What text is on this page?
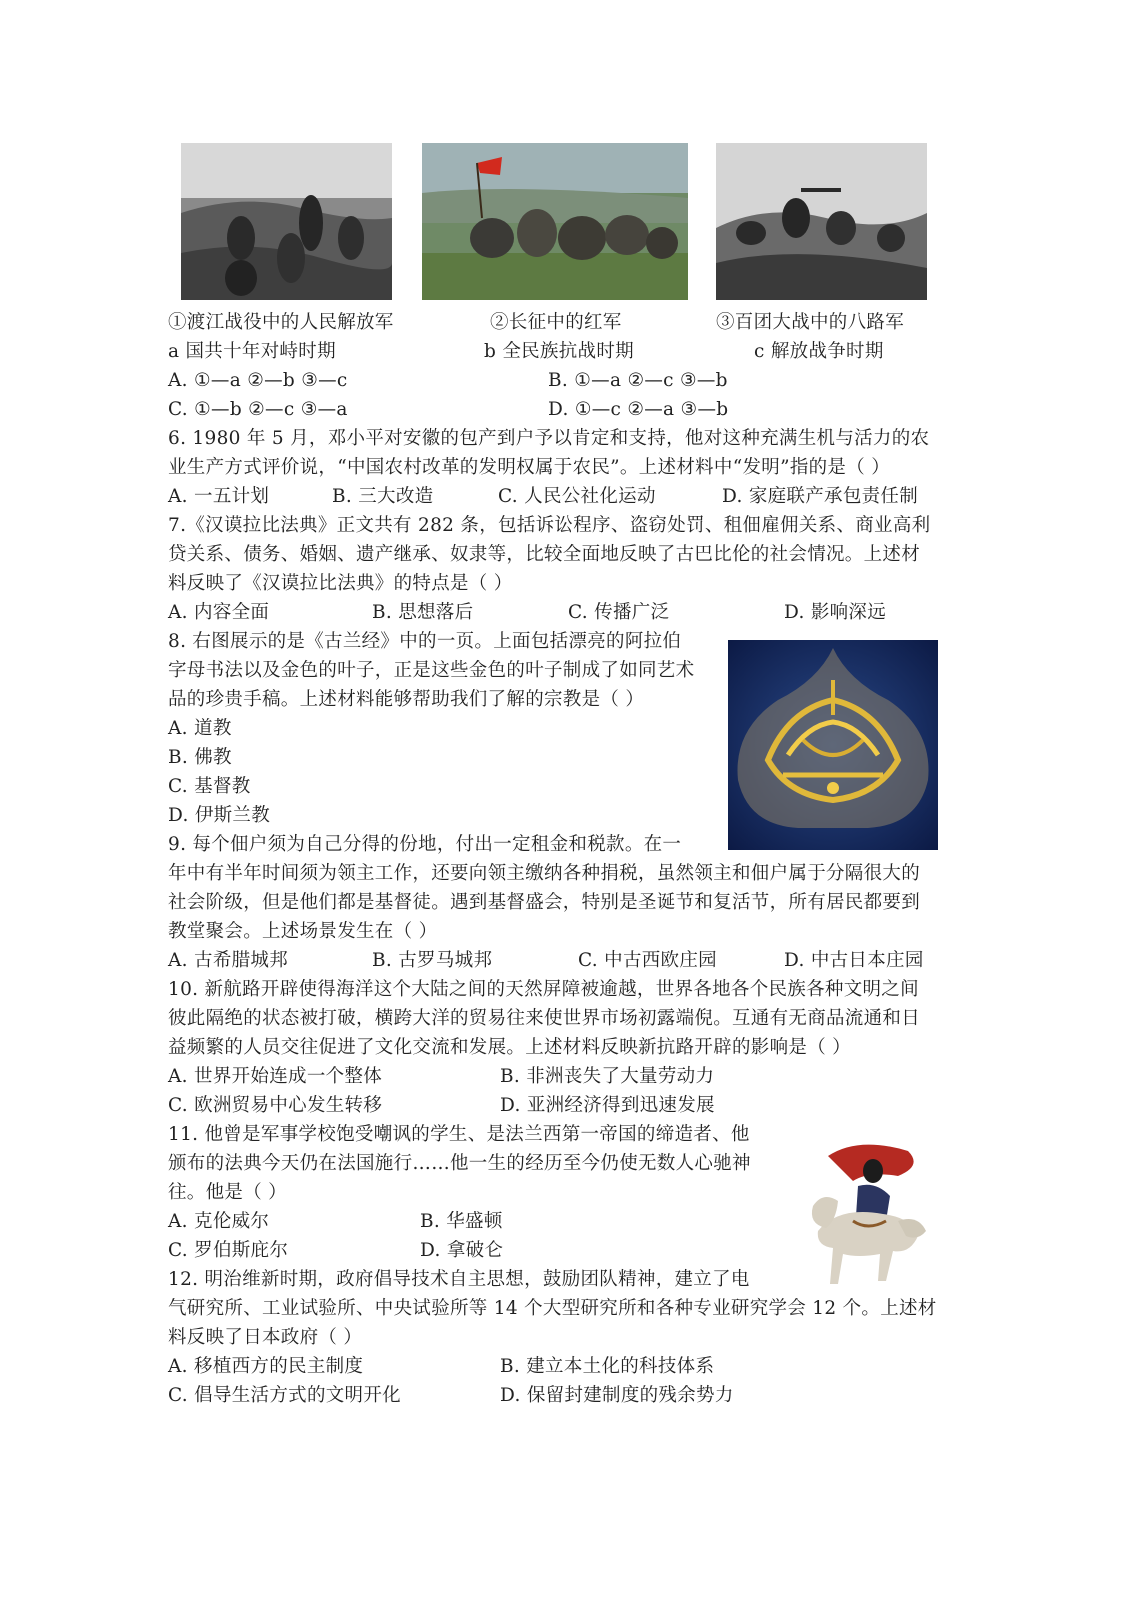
①渡江战役中的人民解放军	②长征中的红军	③百团大战中的八路军
a 国共十年对峙时期	b 全民族抗战时期	c 解放战争时期
A. ①—a ②—b ③—c	B. ①—a ②—c ③—b
C. ①—b ②—c ③—a	D. ①—c ②—a ③—b
6. 1980 年 5 月，邓小平对安徽的包产到户予以肯定和支持，他对这种充满生机与活力的农
业生产方式评价说，“中国农村改革的发明权属于农民”。上述材料中“发明”指的是（ ）
A. 一五计划	B. 三大改造	C. 人民公社化运动	D. 家庭联产承包责任制
7.《汉谟拉比法典》正文共有 282 条，包括诉讼程序、盗窃处罚、租佃雇佣关系、商业高利
贷关系、债务、婚姻、遗产继承、奴隶等，比较全面地反映了古巴比伦的社会情况。上述材
料反映了《汉谟拉比法典》的特点是（ ）
A. 内容全面	B. 思想落后	C. 传播广泛	D. 影响深远
8. 右图展示的是《古兰经》中的一页。上面包括漂亮的阿拉伯
字母书法以及金色的叶子，正是这些金色的叶子制成了如同艺术
品的珍贵手稿。上述材料能够帮助我们了解的宗教是（ ）
A. 道教
B. 佛教
C. 基督教
D. 伊斯兰教
9. 每个佃户须为自己分得的份地，付出一定租金和税款。在一
年中有半年时间须为领主工作，还要向领主缴纳各种捐税，虽然领主和佃户属于分隔很大的
社会阶级，但是他们都是基督徒。遇到基督盛会，特别是圣诞节和复活节，所有居民都要到
教堂聚会。上述场景发生在（ ）
A. 古希腊城邦	B. 古罗马城邦	C. 中古西欧庄园	D. 中古日本庄园
10. 新航路开辟使得海洋这个大陆之间的天然屏障被逾越，世界各地各个民族各种文明之间
彼此隔绝的状态被打破，横跨大洋的贸易往来使世界市场初露端倪。互通有无商品流通和日
益频繁的人员交往促进了文化交流和发展。上述材料反映新抗路开辟的影响是（ ）
A. 世界开始连成一个整体	B. 非洲丧失了大量劳动力
C. 欧洲贸易中心发生转移	D. 亚洲经济得到迅速发展
11. 他曾是军事学校饱受嘲讽的学生、是法兰西第一帝国的缔造者、他
颁布的法典今天仍在法国施行……他一生的经历至今仍使无数人心驰神
往。他是（ ）
A. 克伦威尔	B. 华盛顿
C. 罗伯斯庇尔	D. 拿破仑
12. 明治维新时期，政府倡导技术自主思想，鼓励团队精神，建立了电
气研究所、工业试验所、中央试验所等 14 个大型研究所和各种专业研究学会 12 个。上述材
料反映了日本政府（ ）
A. 移植西方的民主制度	B. 建立本土化的科技体系
C. 倡导生活方式的文明开化	D. 保留封建制度的残余势力
